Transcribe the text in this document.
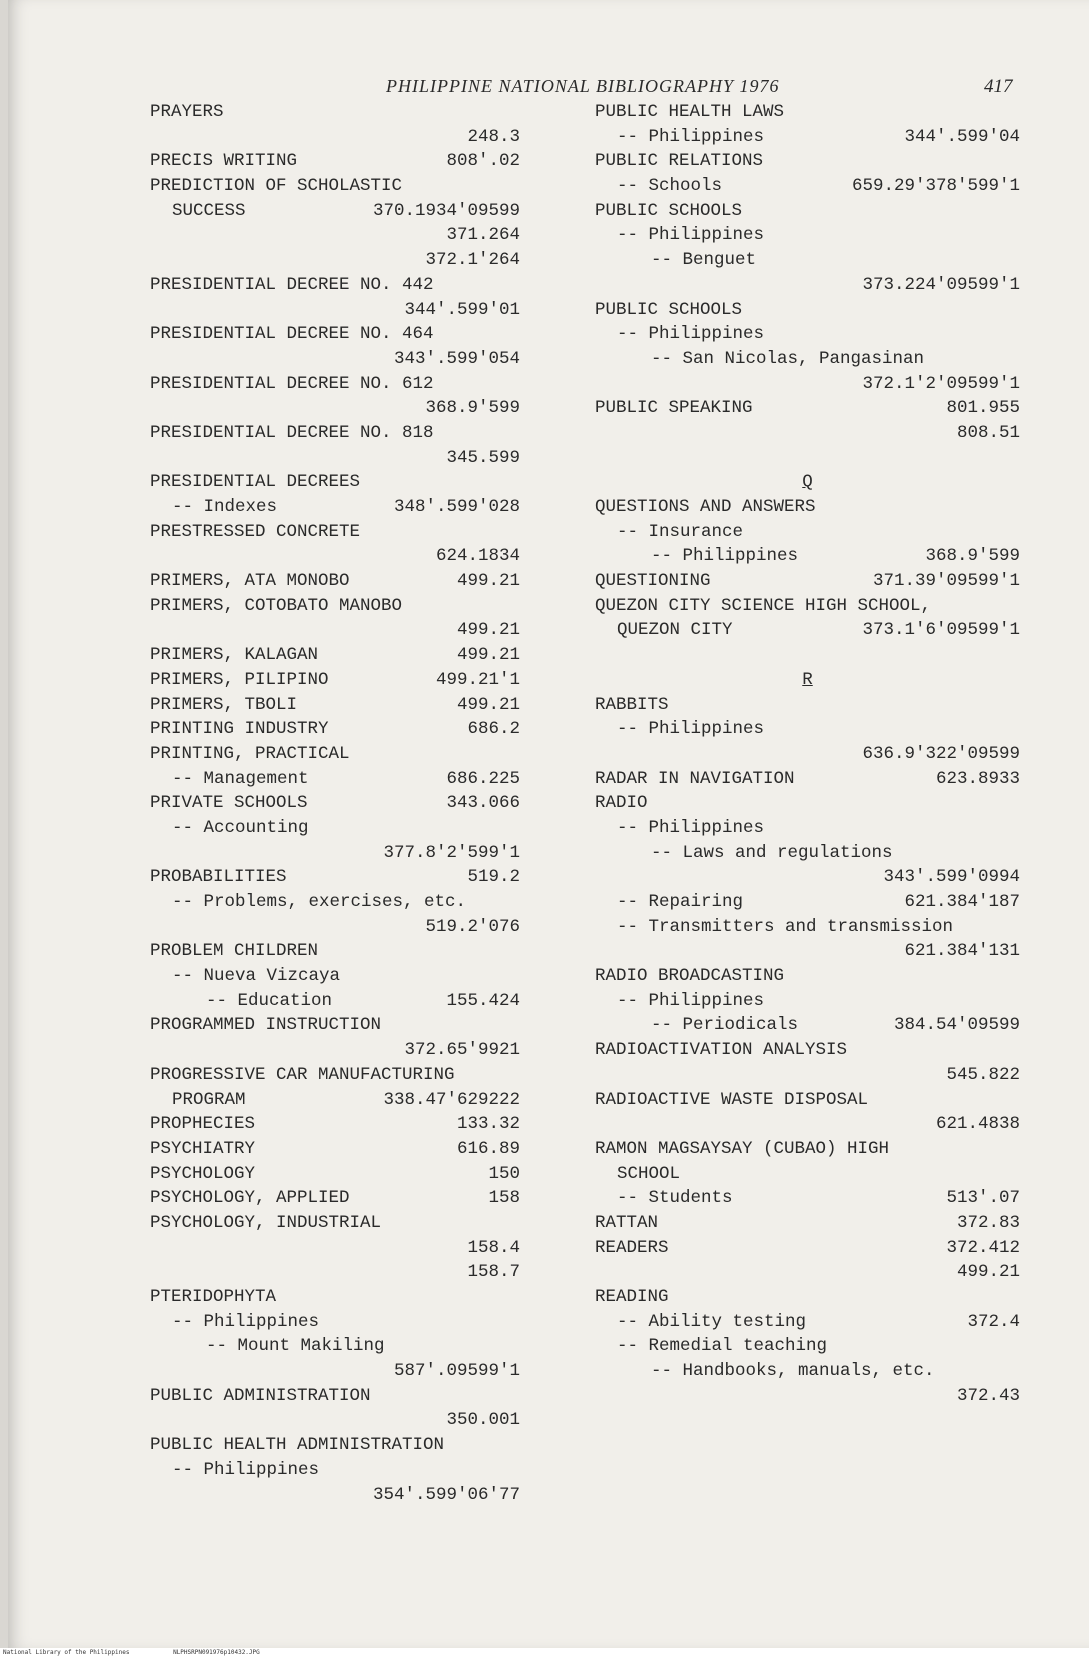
PHILIPPINE NATIONAL BIBLIOGRAPHY 1976	417
PRAYERS
248.3
PRECIS WRITING	808'.02
PREDICTION OF SCHOLASTIC
SUCCESS	370.1934'09599
371.264
372.1'264
PRESIDENTIAL DECREE NO. 442
344'.599'01
PRESIDENTIAL DECREE NO. 464
343'.599'054
PRESIDENTIAL DECREE NO. 612
368.9'599
PRESIDENTIAL DECREE NO. 818
345.599
PRESIDENTIAL DECREES
-- Indexes	348'.599'028
PRESTRESSED CONCRETE
624.1834
PRIMERS, ATA MONOBO	499.21
PRIMERS, COTOBATO MANOBO
499.21
PRIMERS, KALAGAN	499.21
PRIMERS, PILIPINO	499.21'1
PRIMERS, TBOLI	499.21
PRINTING INDUSTRY	686.2
PRINTING, PRACTICAL
-- Management	686.225
PRIVATE SCHOOLS	343.066
-- Accounting
377.8'2'599'1
PROBABILITIES	519.2
-- Problems, exercises, etc.
519.2'076
PROBLEM CHILDREN
-- Nueva Vizcaya
-- Education	155.424
PROGRAMMED INSTRUCTION
372.65'9921
PROGRESSIVE CAR MANUFACTURING
PROGRAM	338.47'629222
PROPHECIES	133.32
PSYCHIATRY	616.89
PSYCHOLOGY	150
PSYCHOLOGY, APPLIED	158
PSYCHOLOGY, INDUSTRIAL
158.4
158.7
PTERIDOPHYTA
-- Philippines
-- Mount Makiling
587'.09599'1
PUBLIC ADMINISTRATION
350.001
PUBLIC HEALTH ADMINISTRATION
-- Philippines
354'.599'06'77
PUBLIC HEALTH LAWS
-- Philippines	344'.599'04
PUBLIC RELATIONS
-- Schools	659.29'378'599'1
PUBLIC SCHOOLS
-- Philippines
-- Benguet
373.224'09599'1
PUBLIC SCHOOLS
-- Philippines
-- San Nicolas, Pangasinan
372.1'2'09599'1
PUBLIC SPEAKING	801.955
808.51
Q
QUESTIONS AND ANSWERS
-- Insurance
-- Philippines	368.9'599
QUESTIONING	371.39'09599'1
QUEZON CITY SCIENCE HIGH SCHOOL,
QUEZON CITY	373.1'6'09599'1
R
RABBITS
-- Philippines
636.9'322'09599
RADAR IN NAVIGATION	623.8933
RADIO
-- Philippines
-- Laws and regulations
343'.599'0994
-- Repairing	621.384'187
-- Transmitters and transmission
621.384'131
RADIO BROADCASTING
-- Philippines
-- Periodicals	384.54'09599
RADIOACTIVATION ANALYSIS
545.822
RADIOACTIVE WASTE DISPOSAL
621.4838
RAMON MAGSAYSAY (CUBAO) HIGH
SCHOOL
-- Students	513'.07
RATTAN	372.83
READERS	372.412
499.21
READING
-- Ability testing	372.4
-- Remedial teaching
-- Handbooks, manuals, etc.
372.43
National Library of the Philippines	NLPHSRPN091976p10432.JPG
